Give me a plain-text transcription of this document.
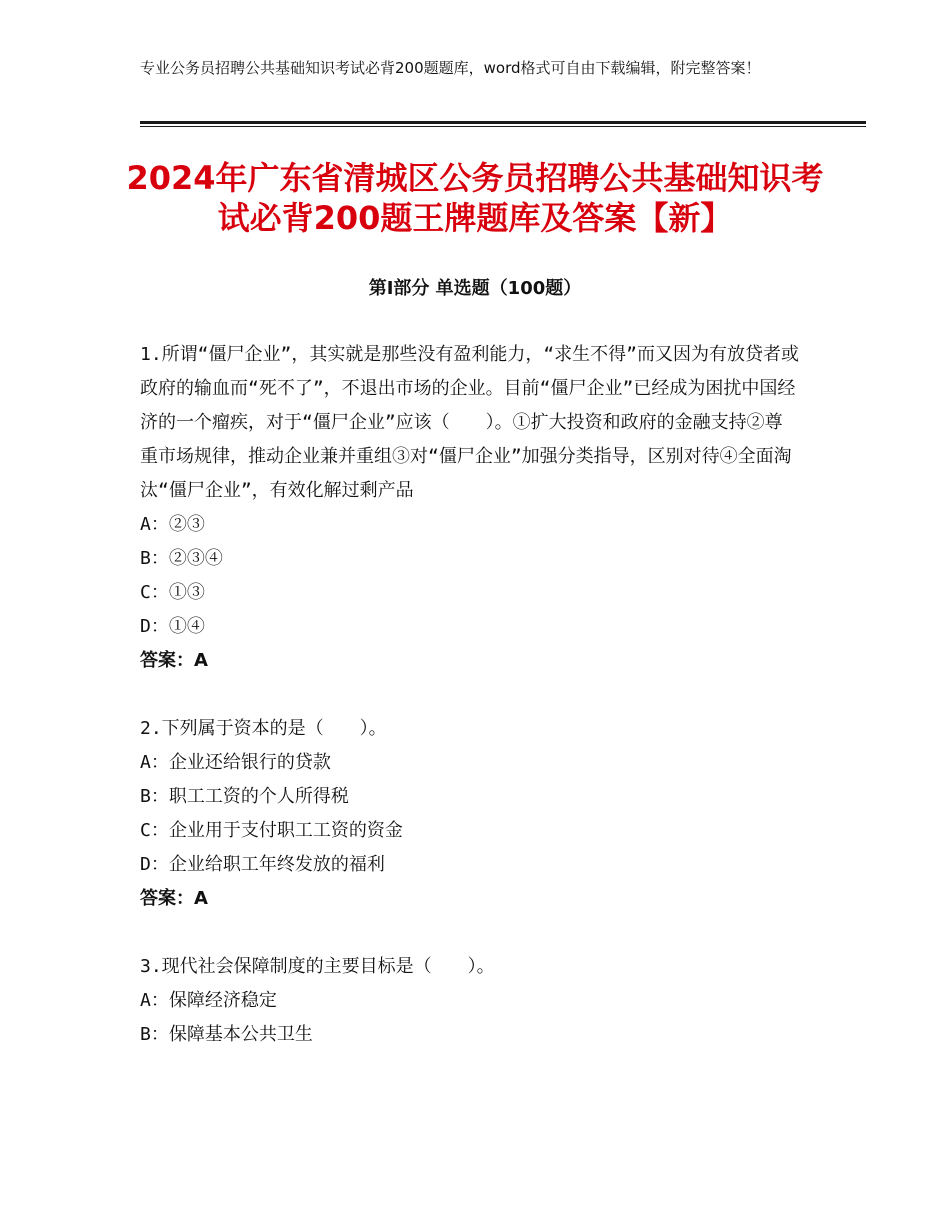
专业公务员招聘公共基础知识考试必背200题题库，word格式可自由下载编辑，附完整答案！
2024年广东省清城区公务员招聘公共基础知识考试必背200题王牌题库及答案【新】
第Ⅰ部分 单选题（100题）
1.所谓“僵尸企业”，其实就是那些没有盈利能力，“求生不得”而又因为有放贷者或政府的输血而“死不了”，不退出市场的企业。目前“僵尸企业”已经成为困扰中国经济的一个瘤疾，对于“僵尸企业”应该（　　）。①扩大投资和政府的金融支持②尊重市场规律，推动企业兼并重组③对“僵尸企业”加强分类指导，区别对待④全面淘汰“僵尸企业”，有效化解过剩产品
A：②③
B：②③④
C：①③
D：①④
答案：A
2.下列属于资本的是（　　）。
A：企业还给银行的贷款
B：职工工资的个人所得税
C：企业用于支付职工工资的资金
D：企业给职工年终发放的福利
答案：A
3.现代社会保障制度的主要目标是（　　）。
A：保障经济稳定
B：保障基本公共卫生
